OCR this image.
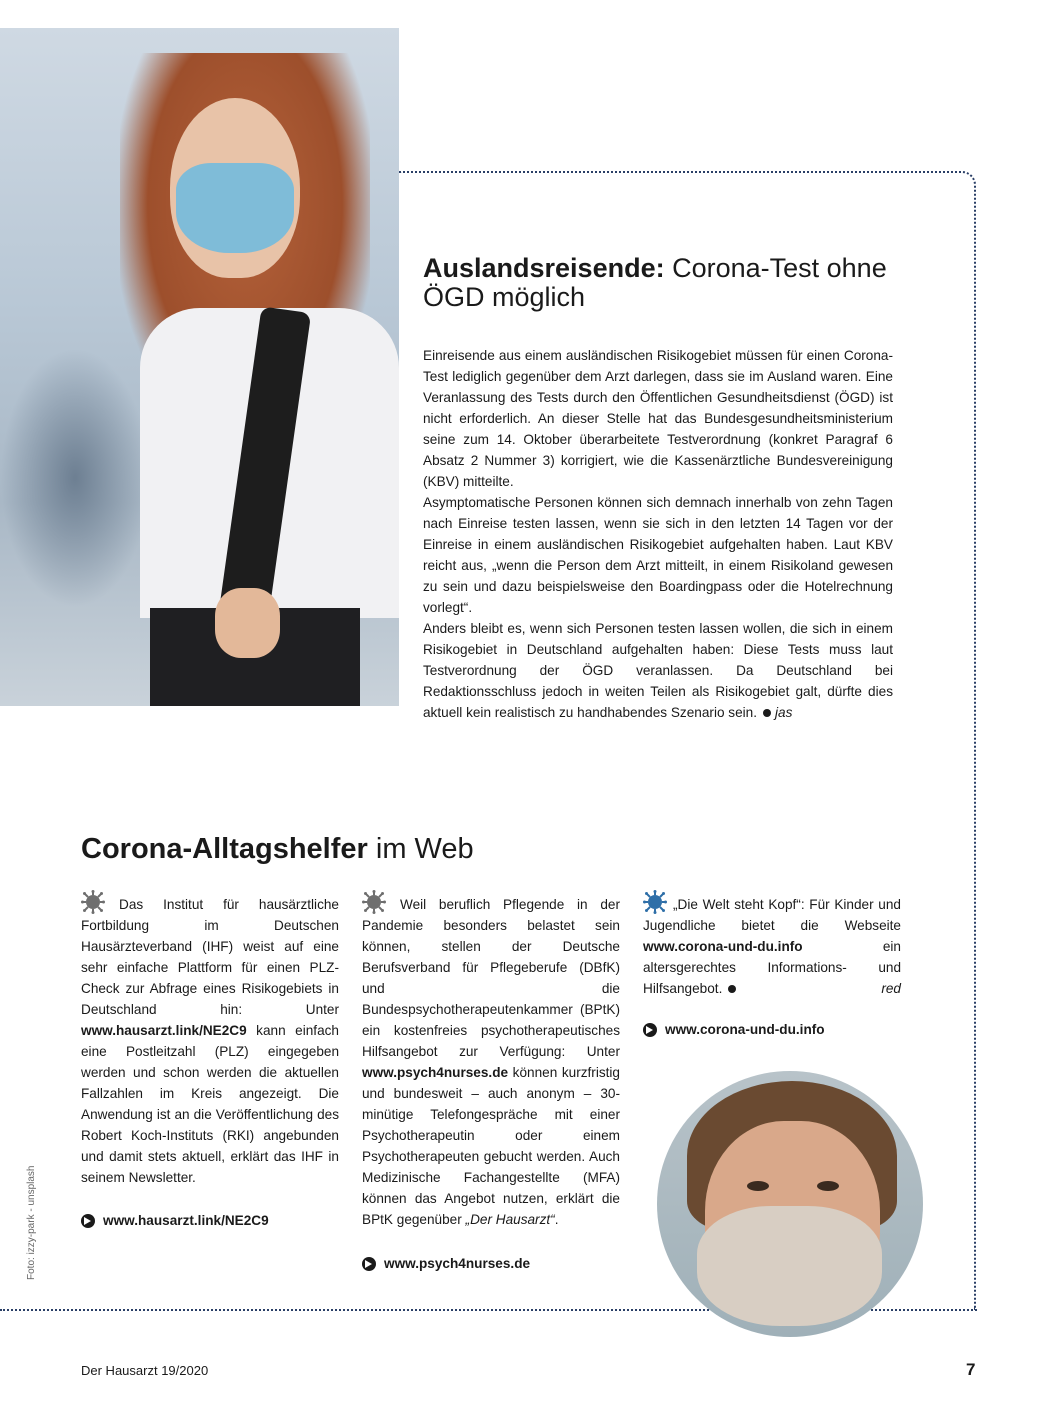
Auslandsreisende: Corona-Test ohne ÖGD möglich

Einreisende aus einem ausländischen Risikogebiet müssen für einen Corona-Test lediglich gegenüber dem Arzt darlegen, dass sie im Ausland waren. Eine Veranlassung des Tests durch den Öffentlichen Gesundheitsdienst (ÖGD) ist nicht erforderlich. An dieser Stelle hat das Bundesgesundheitsministerium seine zum 14. Oktober überarbeitete Testverordnung (konkret Paragraf 6 Absatz 2 Nummer 3) korrigiert, wie die Kassenärztliche Bundesvereinigung (KBV) mitteilte.

Asymptomatische Personen können sich demnach innerhalb von zehn Tagen nach Einreise testen lassen, wenn sie sich in den letzten 14 Tagen vor der Einreise in einem ausländischen Risikogebiet aufgehalten haben. Laut KBV reicht aus, „wenn die Person dem Arzt mitteilt, in einem Risikoland gewesen zu sein und dazu beispielsweise den Boardingpass oder die Hotelrechnung vorlegt“.

Anders bleibt es, wenn sich Personen testen lassen wollen, die sich in einem Risikogebiet in Deutschland aufgehalten haben: Diese Tests muss laut Testverordnung der ÖGD veranlassen. Da Deutschland bei Redaktionsschluss jedoch in weiten Teilen als Risikogebiet galt, dürfte dies aktuell kein realistisch zu handhabendes Szenario sein. jas

Corona-Alltagshelfer im Web

Das Institut für hausärztliche Fortbildung im Deutschen Hausärzteverband (IHF) weist auf eine sehr einfache Plattform für einen PLZ-Check zur Abfrage eines Risikogebiets in Deutschland hin: Unter www.hausarzt.link/NE2C9 kann einfach eine Postleitzahl (PLZ) eingegeben werden und schon werden die aktuellen Fallzahlen im Kreis angezeigt. Die Anwendung ist an die Veröffentlichung des Robert Koch-Instituts (RKI) angebunden und damit stets aktuell, erklärt das IHF in seinem Newsletter.

www.hausarzt.link/NE2C9

Weil beruflich Pflegende in der Pandemie besonders belastet sein können, stellen der Deutsche Berufsverband für Pflegeberufe (DBfK) und die Bundespsychotherapeutenkammer (BPtK) ein kostenfreies psychotherapeutisches Hilfsangebot zur Verfügung: Unter www.psych4nurses.de können kurzfristig und bundesweit – auch anonym – 30-minütige Telefongespräche mit einer Psychotherapeutin oder einem Psychotherapeuten gebucht werden. Auch Medizinische Fachangestellte (MFA) können das Angebot nutzen, erklärt die BPtK gegenüber „Der Hausarzt“.

www.psych4nurses.de

„Die Welt steht Kopf“: Für Kinder und Jugendliche bietet die Webseite www.corona-und-du.info ein altersgerechtes Informations- und Hilfsangebot.	red

www.corona-und-du.info
Foto: izzy-park - unsplash
Der Hausarzt 19/2020	7
